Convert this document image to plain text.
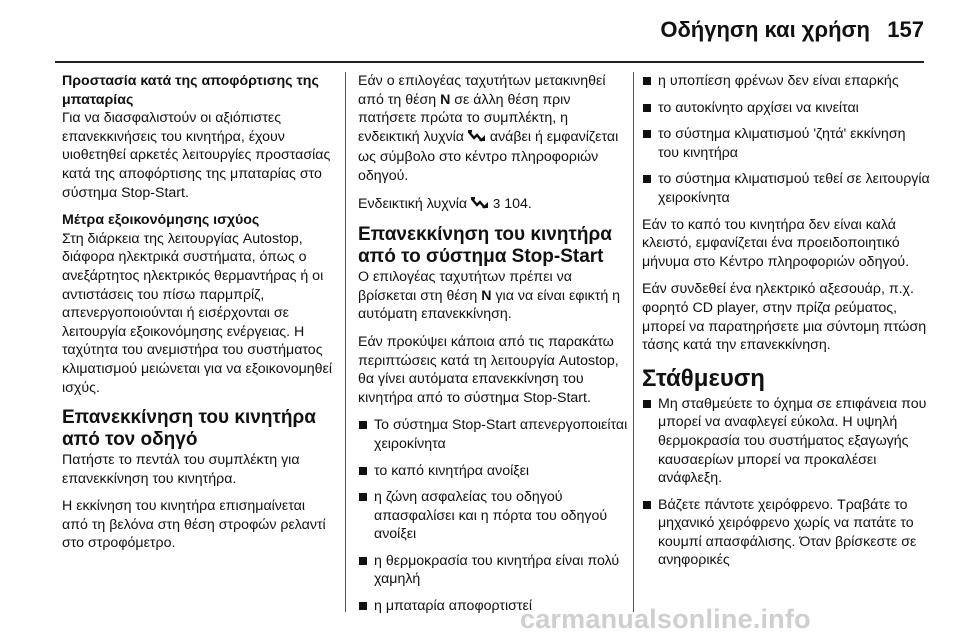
Οδήγηση και χρήση 157
Προστασία κατά της αποφόρτισης της μπαταρίας

Για να διασφαλιστούν οι αξιόπιστες επανεκκινήσεις του κινητήρα, έχουν υιοθετηθεί αρκετές λειτουργίες προστασίας κατά της αποφόρτισης της μπαταρίας στο σύστημα Stop-Start.

Μέτρα εξοικονόμησης ισχύος

Στη διάρκεια της λειτουργίας Autostop, διάφορα ηλεκτρικά συστήματα, όπως ο ανεξάρτητος ηλεκτρικός θερμαντήρας ή οι αντιστάσεις του πίσω παρμπρίζ, απενεργοποιούνται ή εισέρχονται σε λειτουργία εξοικονόμησης ενέργειας. Η ταχύτητα του ανεμιστήρα του συστήματος κλιματισμού μειώνεται για να εξοικονομηθεί ισχύς.

Επανεκκίνηση του κινητήρα από τον οδηγό

Πατήστε το πεντάλ του συμπλέκτη για επανεκκίνηση του κινητήρα.

Η εκκίνηση του κινητήρα επισημαίνεται από τη βελόνα στη θέση στροφών ρελαντί στο στροφόμετρο.

Εάν ο επιλογέας ταχυτήτων μετακινηθεί από τη θέση N σε άλλη θέση πριν πατήσετε πρώτα το συμπλέκτη, η ενδεικτική λυχνία  ανάβει ή εμφανίζεται ως σύμβολο στο κέντρο πληροφοριών οδηγού.

Ενδεικτική λυχνία  3 104.

Επανεκκίνηση του κινητήρα από το σύστημα Stop-Start

Ο επιλογέας ταχυτήτων πρέπει να βρίσκεται στη θέση N για να είναι εφικτή η αυτόματη επανεκκίνηση.

Εάν προκύψει κάποια από τις παρακάτω περιπτώσεις κατά τη λειτουργία Autostop, θα γίνει αυτόματα επανεκκίνηση του κινητήρα από το σύστημα Stop-Start.

Το σύστημα Stop-Start απενεργοποιείται χειροκίνητα
το καπό κινητήρα ανοίξει
η ζώνη ασφαλείας του οδηγού απασφαλίσει και η πόρτα του οδηγού ανοίξει
η θερμοκρασία του κινητήρα είναι πολύ χαμηλή
η μπαταρία αποφορτιστεί
η υποπίεση φρένων δεν είναι επαρκής
το αυτοκίνητο αρχίσει να κινείται
το σύστημα κλιματισμού 'ζητά' εκκίνηση του κινητήρα
το σύστημα κλιματισμού τεθεί σε λειτουργία χειροκίνητα

Εάν το καπό του κινητήρα δεν είναι καλά κλειστό, εμφανίζεται ένα προειδοποιητικό μήνυμα στο Κέντρο πληροφοριών οδηγού.

Εάν συνδεθεί ένα ηλεκτρικό αξεσουάρ, π.χ. φορητό CD player, στην πρίζα ρεύματος, μπορεί να παρατηρήσετε μια σύντομη πτώση τάσης κατά την επανεκκίνηση.

Στάθμευση
Μη σταθμεύετε το όχημα σε επιφάνεια που μπορεί να αναφλεγεί εύκολα. Η υψηλή θερμοκρασία του συστήματος εξαγωγής καυσαερίων μπορεί να προκαλέσει ανάφλεξη.
Βάζετε πάντοτε χειρόφρενο. Τραβάτε το μηχανικό χειρόφρενο χωρίς να πατάτε το κουμπί απασφάλισης. Όταν βρίσκεστε σε ανηφορικές
carmanualsonline.info
